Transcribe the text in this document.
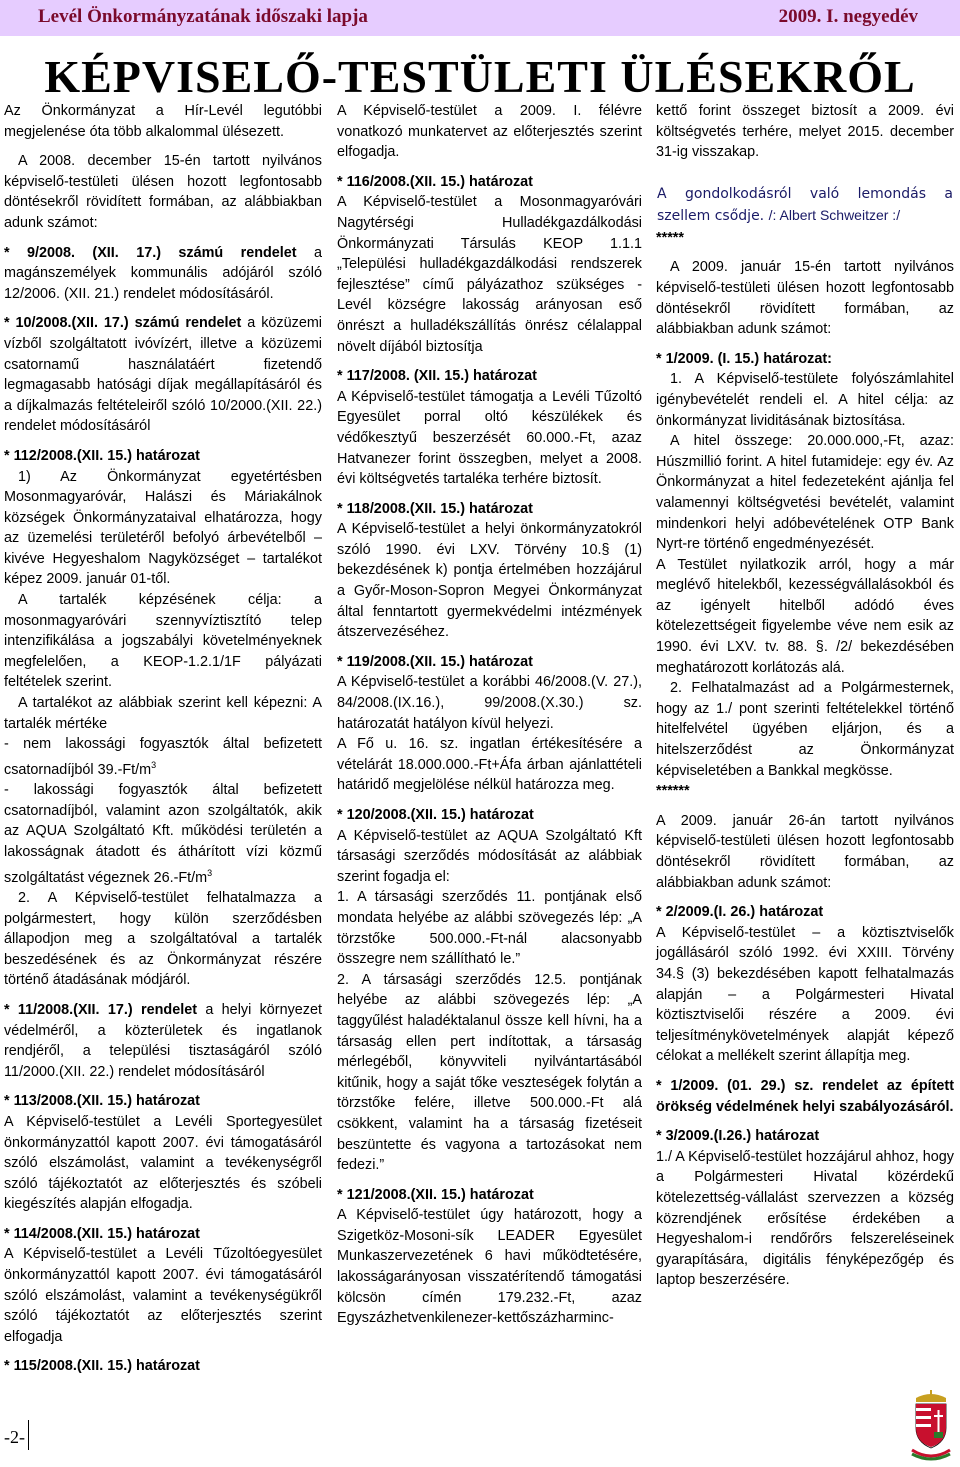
Levél Önkormányzatának időszaki lapja	2009. I. negyedév
KÉPVISELŐ-TESTÜLETI ÜLÉSEKRŐL

Az Önkormányzat a Hír-Levél legutóbbi megjelenése óta több alkalommal ülésezett.

A 2008. december 15-én tartott nyilvános képviselő-testületi ülésen hozott legfontosabb döntésekről rövidített formában, az alábbiakban adunk számot:

* 9/2008. (XII. 17.) számú rendelet a magánszemélyek kommunális adójáról szóló 12/2006. (XII. 21.) rendelet módosításáról.

* 10/2008.(XII. 17.) számú rendelet a közüzemi vízből szolgáltatott ivóvízért, illetve a közüzemi csatornamű használatáért fizetendő legmagasabb hatósági díjak megállapításáról és a díjkalmazás feltételeiről szóló 10/2000.(XII. 22.) rendelet módosításáról

* 112/2008.(XII. 15.) határozat

1) Az Önkormányzat egyetértésben Mosonmagyaróvár, Halászi és Máriakálnok községek Önkormányzataival elhatározza, hogy az üzemelési területéről befolyó árbevételből – kivéve Hegyeshalom Nagyközséget – tartalékot képez 2009. január 01-től.

A tartalék képzésének célja: a mosonmagyaróvári szennyvíztisztító telep intenzifikálása a jogszabályi követelményeknek megfelelően, a KEOP-1.2.1/1F pályázati feltételek szerint.

A tartalékot az alábbiak szerint kell képezni: A tartalék mértéke

- nem lakossági fogyasztók által befizetett csatornadíjból $39.-Ft/m^3$

- lakossági fogyasztók által befizetett csatornadíjból, valamint azon szolgáltatók, akik az AQUA Szolgáltató Kft. működési területén a lakosságnak átadott és áthárított vízi közmű szolgáltatást végeznek $26.-Ft/m^3$

2. A Képviselő-testület felhatalmazza a polgármestert, hogy külön szerződésben állapodjon meg a szolgáltatóval a tartalék beszedésének és az Önkormányzat részére történő átadásának módjáról.

* 11/2008.(XII. 17.) rendelet a helyi környezet védelméről, a közterületek és ingatlanok rendjéről, a települési tisztaságáról szóló 11/2000.(XII. 22.) rendelet módosításáról

* 113/2008.(XII. 15.) határozat

A Képviselő-testület a Levéli Sportegyesület önkormányzattól kapott 2007. évi támogatásáról szóló elszámolást, valamint a tevékenységről szóló tájékoztatót az előterjesztés és szóbeli kiegészítés alapján elfogadja.

* 114/2008.(XII. 15.) határozat

A Képviselő-testület a Levéli Tűzoltóegyesület önkormányzattól kapott 2007. évi támogatásáról szóló elszámolást, valamint a tevékenységükről szóló tájékoztatót az előterjesztés szerint elfogadja

* 115/2008.(XII. 15.) határozat

A Képviselő-testület a 2009. I. félévre vonatkozó munkatervet az előterjesztés szerint elfogadja.

* 116/2008.(XII. 15.) határozat

A Képviselő-testület a Mosonmagyaróvári Nagytérségi Hulladékgazdálkodási Önkormányzati Társulás KEOP 1.1.1 „Települési hulladékgazdálkodási rendszerek fejlesztése” című pályázathoz szükséges - Levél községre lakosság arányosan eső önrészt a hulladékszállítás önrész célalappal növelt díjából biztosítja

* 117/2008. (XII. 15.) határozat

A Képviselő-testület támogatja a Levéli Tűzoltó Egyesület porral oltó készülékek és védőkesztyű beszerzését 60.000.-Ft, azaz Hatvanezer forint összegben, melyet a 2008. évi költségvetés tartaléka terhére biztosít.

* 118/2008.(XII. 15.) határozat

A Képviselő-testület a helyi önkormányzatokról szóló 1990. évi LXV. Törvény 10.§ (1) bekezdésének k) pontja értelmében hozzájárul a Győr-Moson-Sopron Megyei Önkormányzat által fenntartott gyermekvédelmi intézmények átszervezéséhez.

* 119/2008.(XII. 15.) határozat

A Képviselő-testület a korábbi 46/2008.(V. 27.), 84/2008.(IX.16.), 99/2008.(X.30.) sz. határozatát hatályon kívül helyezi.

A Fő u. 16. sz. ingatlan értékesítésére a vételárát 18.000.000.-Ft+Áfa árban ajánlattételi határidő megjelölése nélkül határozza meg.

* 120/2008.(XII. 15.) határozat

A Képviselő-testület az AQUA Szolgáltató Kft társasági szerződés módosítását az alábbiak szerint fogadja el:

1. A társasági szerződés 11. pontjának első mondata helyébe az alábbi szövegezés lép: „A törzstőke 500.000.-Ft-nál alacsonyabb összegre nem szállítható le.”

2. A társasági szerződés 12.5. pontjának helyébe az alábbi szövegezés lép: „A taggyűlést haladéktalanul össze kell hívni, ha a társaság ellen pert indítottak, a társaság mérlegéből, könyvviteli nyilvántartásából kitűnik, hogy a saját tőke veszteségek folytán a törzstőke felére, illetve 500.000.-Ft alá csökkent, valamint ha a társaság fizetéseit beszüntette és vagyona a tartozásokat nem fedezi.”

* 121/2008.(XII. 15.) határozat

A Képviselő-testület úgy határozott, hogy a Szigetköz-Mosoni-sík LEADER Egyesület Munkaszervezetének 6 havi működtetésére, lakosságarányosan visszatérítendő támogatási kölcsön címén 179.232.-Ft, azaz Egyszázhetvenkilenezer-kettőszázharminc-

kettő forint összeget biztosít a 2009. évi költségvetés terhére, melyet 2015. december 31-ig visszakap.

A gondolkodásról való lemondás a szellem csődje. /: Albert Schweitzer :/

*****

A 2009. január 15-én tartott nyilvános képviselő-testületi ülésen hozott legfontosabb döntésekről rövidített formában, az alábbiakban adunk számot:

* 1/2009. (I. 15.) határozat:

1. A Képviselő-testülete folyószámlahitel igénybevételét rendeli el. A hitel célja: az önkormányzat lividitásának biztosítása.

A hitel összege: 20.000.000,-Ft, azaz: Húszmillió forint. A hitel futamideje: egy év. Az Önkormányzat a hitel fedezeteként ajánlja fel valamennyi költségvetési bevételét, valamint mindenkori helyi adóbevételének OTP Bank Nyrt-re történő engedményezését.

A Testület nyilatkozik arról, hogy a már meglévő hitelekből, kezességvállalásokból és az igényelt hitelből adódó éves kötelezettségeit figyelembe véve nem esik az 1990. évi LXV. tv. 88. §. /2/ bekezdésében meghatározott korlátozás alá.

2. Felhatalmazást ad a Polgármesternek, hogy az 1./ pont szerinti feltételekkel történő hitelfelvétel ügyében eljárjon, és a hitelszerződést az Önkormányzat képviseletében a Bankkal megkösse.

******

A 2009. január 26-án tartott nyilvános képviselő-testületi ülésen hozott legfontosabb döntésekről rövidített formában, az alábbiakban adunk számot:

* 2/2009.(I. 26.) határozat

A Képviselő-testület – a köztisztviselők jogállásáról szóló 1992. évi XXIII. Törvény 34.§ (3) bekezdésében kapott felhatalmazás alapján – a Polgármesteri Hivatal köztisztviselői részére a 2009. évi teljesítménykövetelmények alapját képező célokat a mellékelt szerint állapítja meg.

* 1/2009. (01. 29.) sz. rendelet az épített örökség védelmének helyi szabályozásáról.

* 3/2009.(I.26.) határozat

1./ A Képviselő-testület hozzájárul ahhoz, hogy a Polgármesteri Hivatal közérdekű kötelezettség-vállalást szervezzen a község közrendjének erősítése érdekében a Hegyeshalom-i rendőrőrs felszereléseinek gyarapítására, digitális fényképezőgép és laptop beszerzésére.

-2-
